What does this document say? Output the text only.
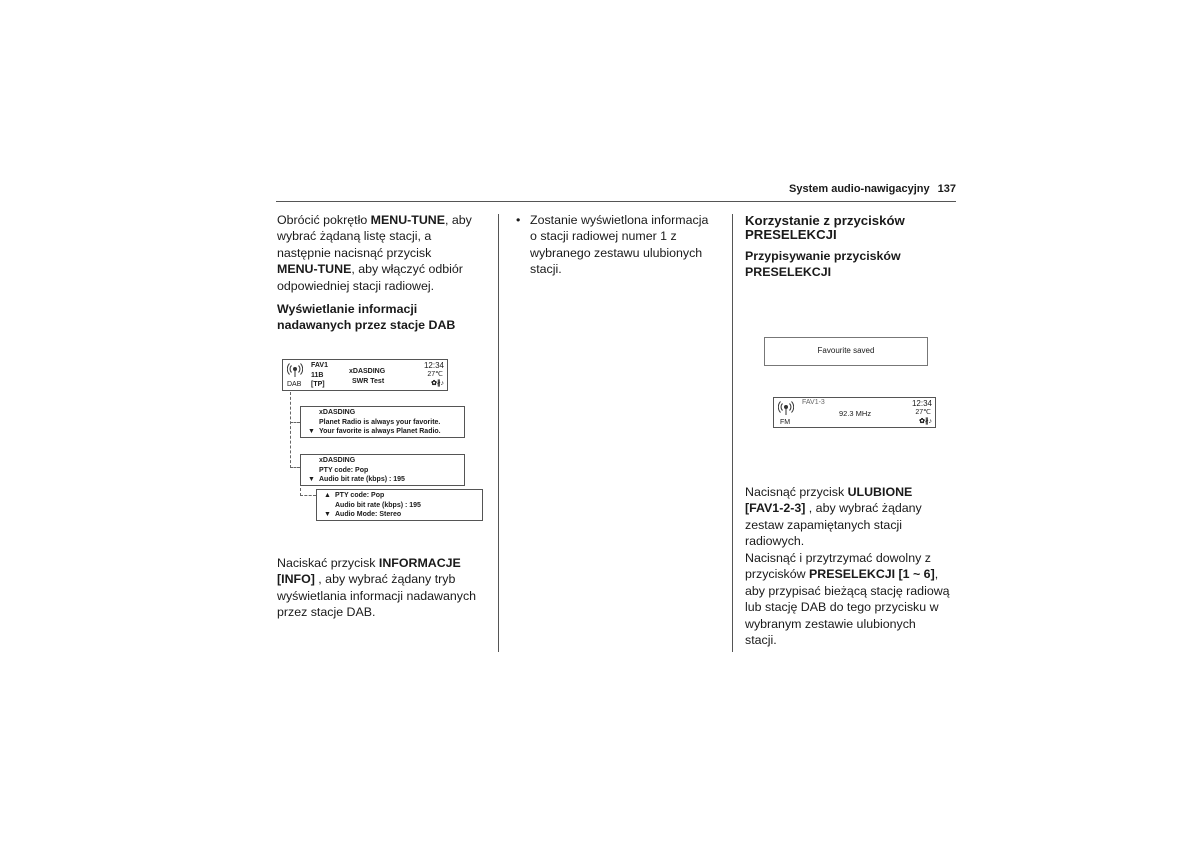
System audio-nawigacyjny 137
Obrócić pokrętło MENU-TUNE, aby
wybrać żądaną listę stacji, a
następnie nacisnąć przycisk
MENU-TUNE, aby włączyć odbiór
odpowiedniej stacji radiowej.
Wyświetlanie informacji
nadawanych przez stacje DAB
DAB
FAV1
11B
[TP]
xDASDING
SWR Test
12:34
27℃
✿∦♪
xDASDING
Planet Radio is always your favorite.
▼ Your favorite is always Planet Radio.
xDASDING
PTY code: Pop
▼ Audio bit rate (kbps) : 195
▲ PTY code: Pop
Audio bit rate (kbps) : 195
▼ Audio Mode: Stereo
Naciskać przycisk INFORMACJE
[INFO] , aby wybrać żądany tryb
wyświetlania informacji nadawanych
przez stacje DAB.
• Zostanie wyświetlona informacja
o stacji radiowej numer 1 z
wybranego zestawu ulubionych
stacji.
Korzystanie z przycisków
PRESELEKCJI
Przypisywanie przycisków
PRESELEKCJI
Favourite saved
FM
FAV1-3
92.3 MHz
12:34
27℃
✿∦♪
Nacisnąć przycisk ULUBIONE
[FAV1-2-3] , aby wybrać żądany
zestaw zapamiętanych stacji
radiowych.
Nacisnąć i przytrzymać dowolny z
przycisków PRESELEKCJI [1 ~ 6],
aby przypisać bieżącą stację radiową
lub stację DAB do tego przycisku w
wybranym zestawie ulubionych
stacji.
